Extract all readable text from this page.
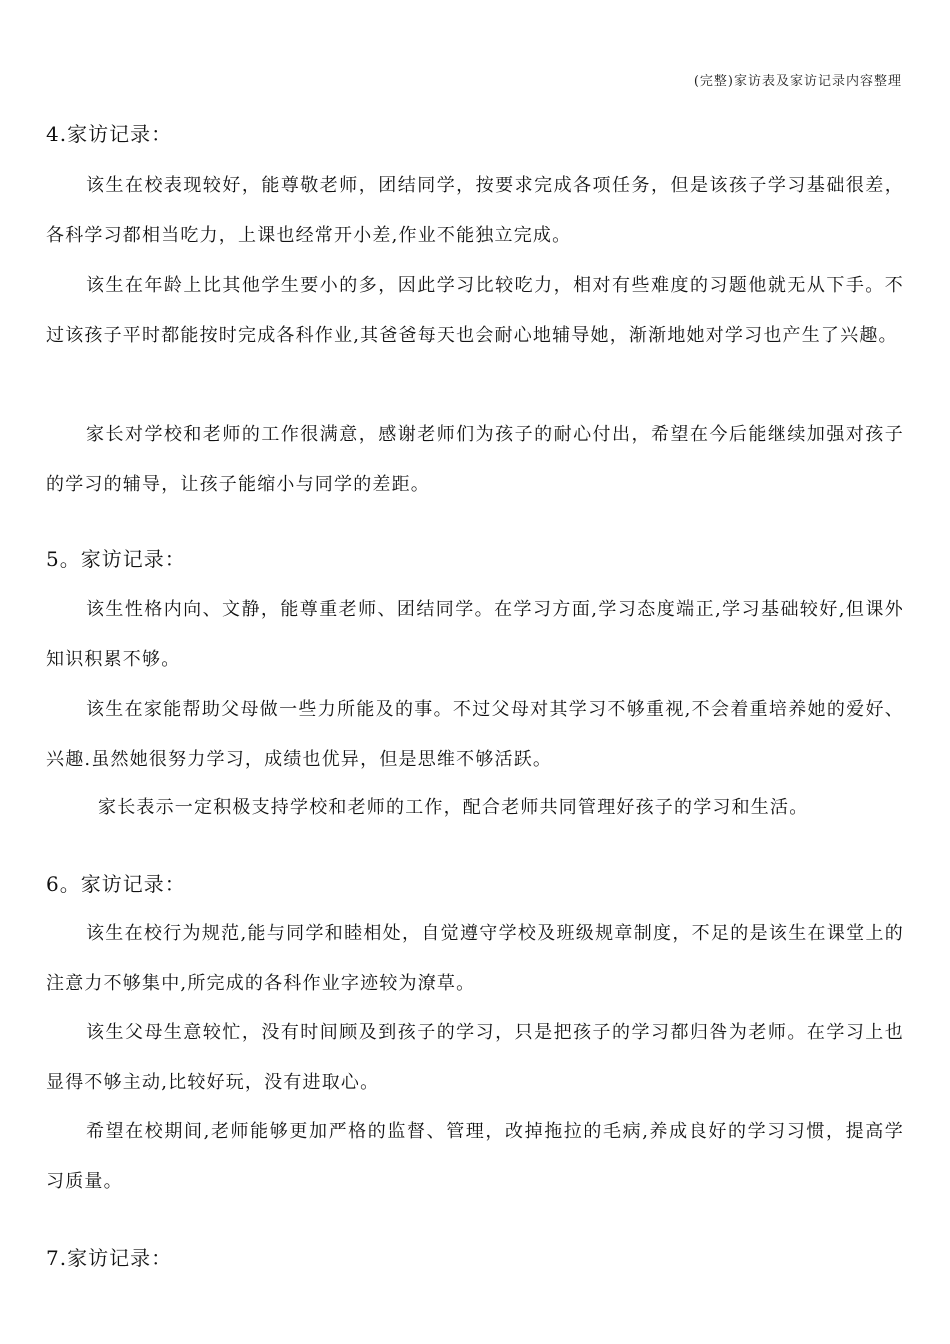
(完整)家访表及家访记录内容整理
4.家访记录：

该生在校表现较好，能尊敬老师，团结同学，按要求完成各项任务，但是该孩子学习基础很差，各科学习都相当吃力，上课也经常开小差,作业不能独立完成。

该生在年龄上比其他学生要小的多，因此学习比较吃力，相对有些难度的习题他就无从下手。不过该孩子平时都能按时完成各科作业,其爸爸每天也会耐心地辅导她，渐渐地她对学习也产生了兴趣。

家长对学校和老师的工作很满意，感谢老师们为孩子的耐心付出，希望在今后能继续加强对孩子的学习的辅导，让孩子能缩小与同学的差距。

5。家访记录：

该生性格内向、文静，能尊重老师、团结同学。在学习方面,学习态度端正,学习基础较好,但课外知识积累不够。

该生在家能帮助父母做一些力所能及的事。不过父母对其学习不够重视,不会着重培养她的爱好、兴趣.虽然她很努力学习，成绩也优异，但是思维不够活跃。

家长表示一定积极支持学校和老师的工作，配合老师共同管理好孩子的学习和生活。

6。家访记录：

该生在校行为规范,能与同学和睦相处，自觉遵守学校及班级规章制度，不足的是该生在课堂上的注意力不够集中,所完成的各科作业字迹较为潦草。

该生父母生意较忙，没有时间顾及到孩子的学习，只是把孩子的学习都归咎为老师。在学习上也显得不够主动,比较好玩，没有进取心。

希望在校期间,老师能够更加严格的监督、管理，改掉拖拉的毛病,养成良好的学习习惯，提高学习质量。

7.家访记录：
